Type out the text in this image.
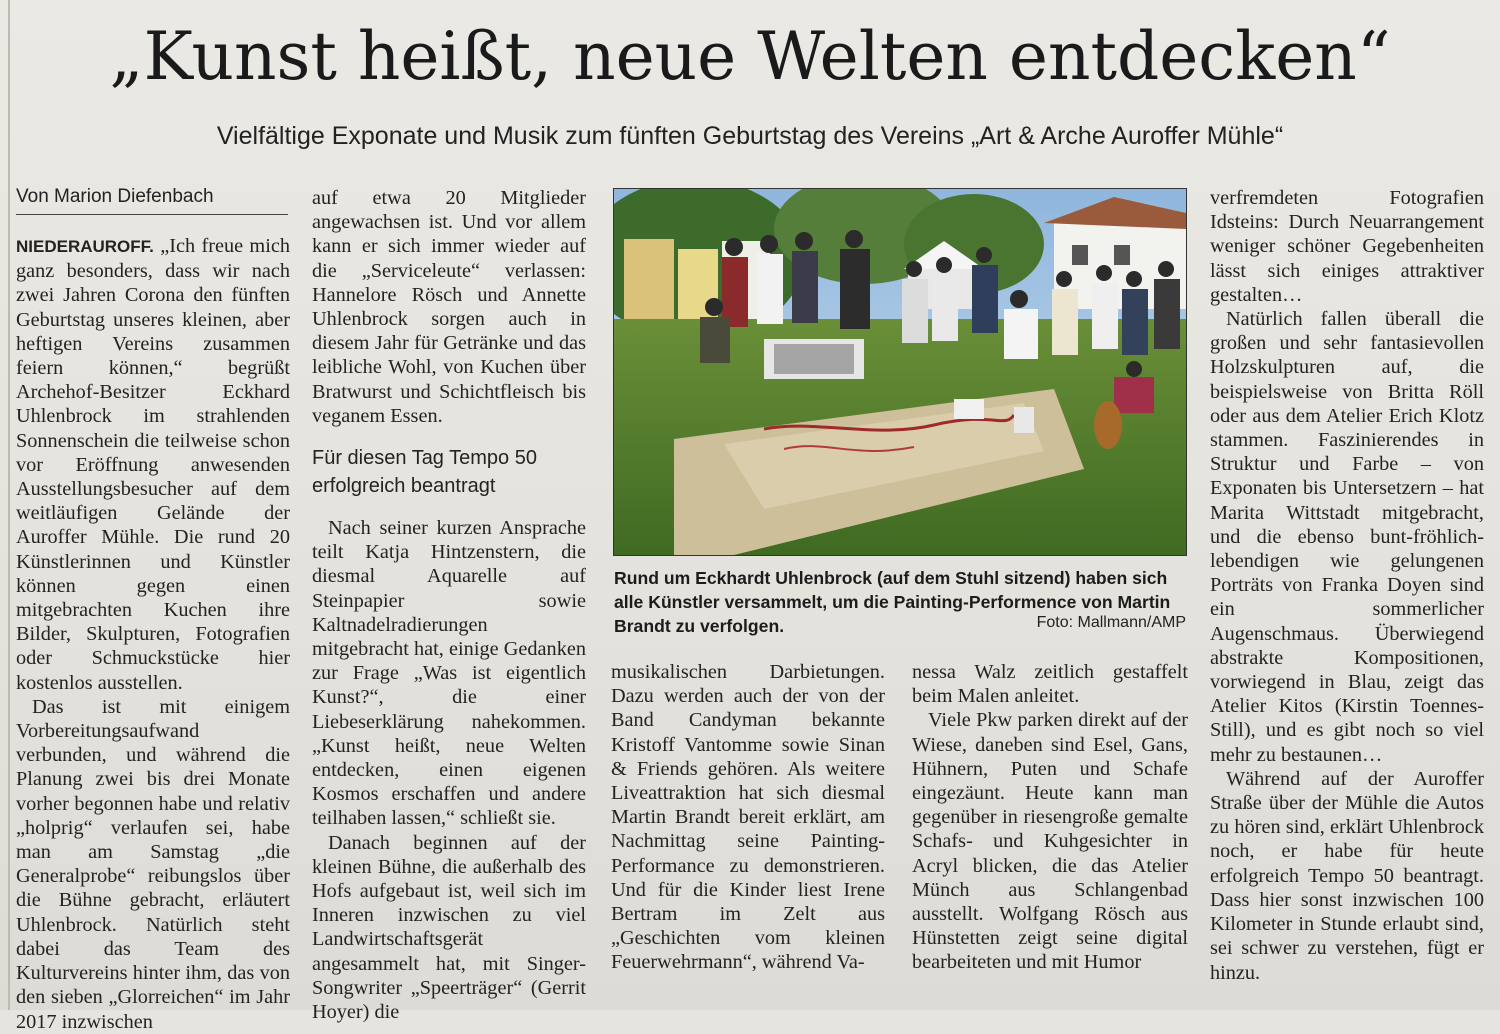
„Kunst heißt, neue Welten entdecken“

Vielfältige Exponate und Musik zum fünften Geburtstag des Vereins „Art & Arche Auroffer Mühle“

Von Marion Diefenbach

NIEDERAUROFF. „Ich freue mich ganz besonders, dass wir nach zwei Jahren Corona den fünften Geburtstag unseres kleinen, aber heftigen Vereins zusammen feiern können,“ begrüßt Archehof-Besitzer Eckhard Uhlenbrock im strahlenden Sonnenschein die teilweise schon vor Eröffnung anwesenden Ausstellungsbesucher auf dem weitläufigen Gelände der Auroffer Mühle. Die rund 20 Künstlerinnen und Künstler können gegen einen mitgebrachten Kuchen ihre Bilder, Skulpturen, Fotografien oder Schmuckstücke hier kostenlos ausstellen.

Das ist mit einigem Vorbereitungsaufwand verbunden, und während die Planung zwei bis drei Monate vorher begonnen habe und relativ „holprig“ verlaufen sei, habe man am Samstag „die Generalprobe“ reibungslos über die Bühne gebracht, erläutert Uhlenbrock. Natürlich steht dabei das Team des Kulturvereins hinter ihm, das von den sieben „Glorreichen“ im Jahr 2017 inzwischen

auf etwa 20 Mitglieder angewachsen ist. Und vor allem kann er sich immer wieder auf die „Serviceleute“ verlassen: Hannelore Rösch und Annette Uhlenbrock sorgen auch in diesem Jahr für Getränke und das leibliche Wohl, von Kuchen über Bratwurst und Schichtfleisch bis veganem Essen.

Für diesen Tag Tempo 50 erfolgreich beantragt

Nach seiner kurzen Ansprache teilt Katja Hintzenstern, die diesmal Aquarelle auf Steinpapier sowie Kaltnadelradierungen mitgebracht hat, einige Gedanken zur Frage „Was ist eigentlich Kunst?“, die einer Liebeserklärung nahekommen. „Kunst heißt, neue Welten entdecken, einen eigenen Kosmos erschaffen und andere teilhaben lassen,“ schließt sie.

Danach beginnen auf der kleinen Bühne, die außerhalb des Hofs aufgebaut ist, weil sich im Inneren inzwischen zu viel Landwirtschaftsgerät angesammelt hat, mit Singer-Songwriter „Speerträger“ (Gerrit Hoyer) die

Rund um Eckhardt Uhlenbrock (auf dem Stuhl sitzend) haben sich alle Künstler versammelt, um die Painting-Performence von Martin Brandt zu verfolgen.	Foto: Mallmann/AMP

musikalischen Darbietungen. Dazu werden auch der von der Band Candyman bekannte Kristoff Vantomme sowie Sinan & Friends gehören. Als weitere Liveattraktion hat sich diesmal Martin Brandt bereit erklärt, am Nachmittag seine Painting-Performance zu demonstrieren. Und für die Kinder liest Irene Bertram im Zelt aus „Geschichten vom kleinen Feuerwehrmann“, während Va-

nessa Walz zeitlich gestaffelt beim Malen anleitet.

Viele Pkw parken direkt auf der Wiese, daneben sind Esel, Gans, Hühnern, Puten und Schafe eingezäunt. Heute kann man gegenüber in riesengroße gemalte Schafs- und Kuhgesichter in Acryl blicken, die das Atelier Münch aus Schlangenbad ausstellt. Wolfgang Rösch aus Hünstetten zeigt seine digital bearbeiteten und mit Humor

verfremdeten Fotografien Idsteins: Durch Neuarrangement weniger schöner Gegebenheiten lässt sich einiges attraktiver gestalten…

Natürlich fallen überall die großen und sehr fantasievollen Holzskulpturen auf, die beispielsweise von Britta Röll oder aus dem Atelier Erich Klotz stammen. Faszinierendes in Struktur und Farbe – von Exponaten bis Untersetzern – hat Marita Wittstadt mitgebracht, und die ebenso bunt-fröhlich-lebendigen wie gelungenen Porträts von Franka Doyen sind ein sommerlicher Augenschmaus. Überwiegend abstrakte Kompositionen, vorwiegend in Blau, zeigt das Atelier Kitos (Kirstin Toennes-Still), und es gibt noch so viel mehr zu bestaunen…

Während auf der Auroffer Straße über der Mühle die Autos zu hören sind, erklärt Uhlenbrock noch, er habe für heute erfolgreich Tempo 50 beantragt. Dass hier sonst inzwischen 100 Kilometer in Stunde erlaubt sind, sei schwer zu verstehen, fügt er hinzu.
